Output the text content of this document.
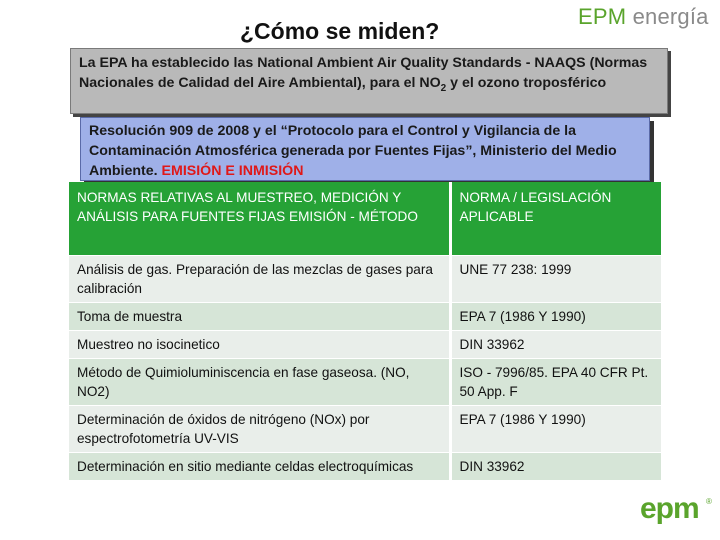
¿Cómo se miden?
EPM energía
La EPA ha establecido las National Ambient Air Quality Standards - NAAQS (Normas Nacionales de Calidad del Aire Ambiental), para el $NO_2$ y el ozono troposférico
Resolución 909 de 2008 y el “Protocolo para el Control y Vigilancia de la Contaminación Atmosférica generada por Fuentes Fijas”, Ministerio del Medio Ambiente. EMISIÓN E INMISIÓN
NORMAS RELATIVAS AL MUESTREO, MEDICIÓN Y ANÁLISIS PARA FUENTES FIJAS EMISIÓN - MÉTODO	NORMA / LEGISLACIÓN APLICABLE
Análisis de gas. Preparación de las mezclas de gases para calibración	UNE 77 238: 1999
Toma de muestra	EPA 7 (1986 Y 1990)
Muestreo no isocinetico	DIN 33962
Método de Quimioluminiscencia en fase gaseosa. (NO, NO2)	ISO - 7996/85. EPA 40 CFR Pt. 50 App. F
Determinación de óxidos de nitrógeno (NOx) por espectrofotometría UV-VIS	EPA 7 (1986 Y 1990)
Determinación en sitio mediante celdas electroquímicas	DIN 33962
epm ®
